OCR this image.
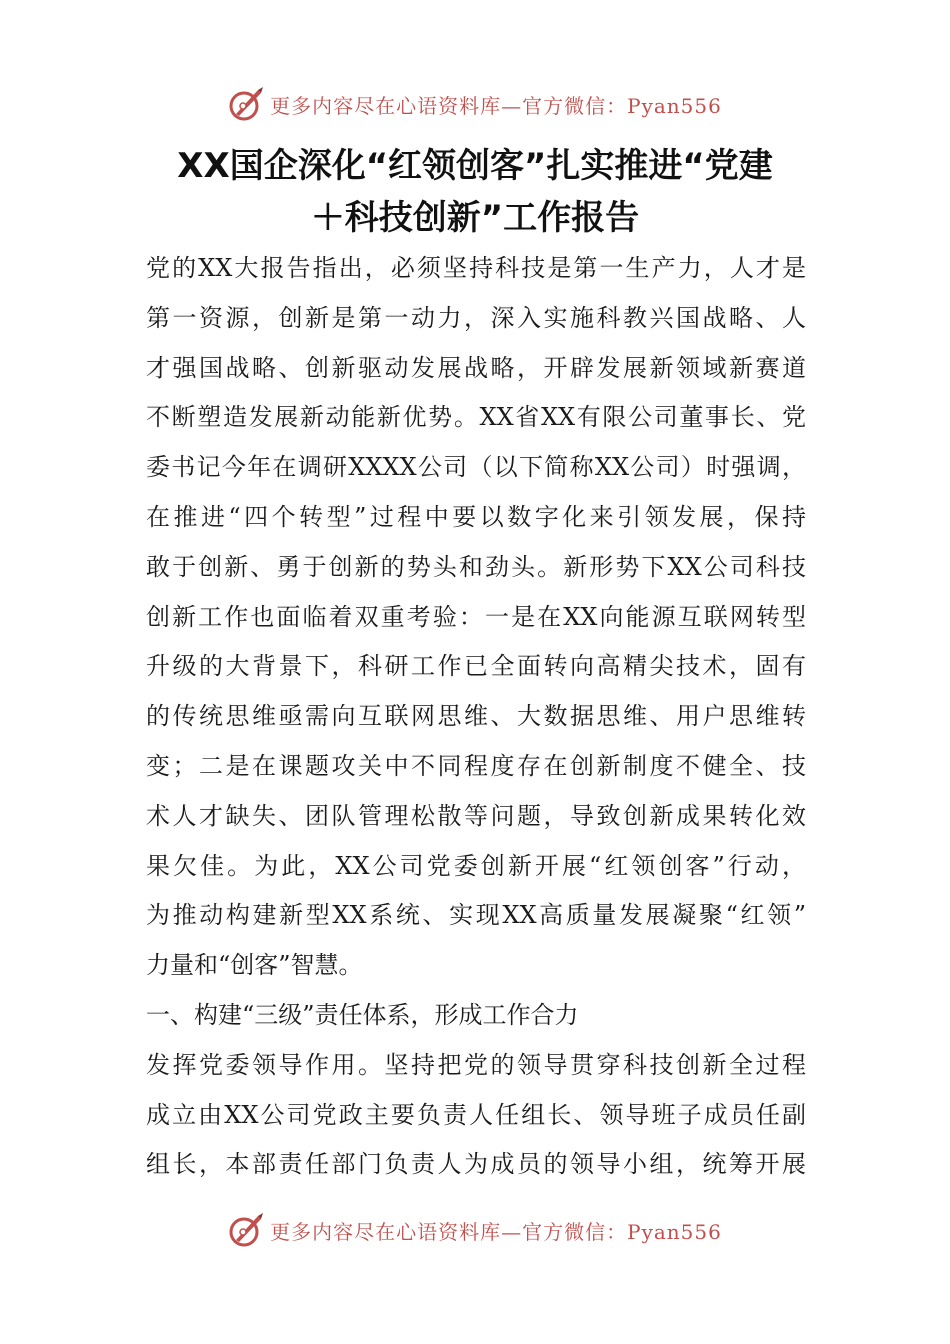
更多内容尽在心语资料库—官方微信：Pyan556
XX国企深化“红领创客”扎实推进“党建
＋科技创新”工作报告
党的XX大报告指出，必须坚持科技是第一生产力，人才是
第一资源，创新是第一动力，深入实施科教兴国战略、人
才强国战略、创新驱动发展战略，开辟发展新领域新赛道
不断塑造发展新动能新优势。XX省XX有限公司董事长、党
委书记今年在调研XXXX公司（以下简称XX公司）时强调，
在推进“四个转型”过程中要以数字化来引领发展，保持
敢于创新、勇于创新的势头和劲头。新形势下XX公司科技
创新工作也面临着双重考验：一是在XX向能源互联网转型
升级的大背景下，科研工作已全面转向高精尖技术，固有
的传统思维亟需向互联网思维、大数据思维、用户思维转
变；二是在课题攻关中不同程度存在创新制度不健全、技
术人才缺失、团队管理松散等问题，导致创新成果转化效
果欠佳。为此，XX公司党委创新开展“红领创客”行动，
为推动构建新型XX系统、实现XX高质量发展凝聚“红领”
力量和“创客”智慧。
一、构建“三级”责任体系，形成工作合力
发挥党委领导作用。坚持把党的领导贯穿科技创新全过程
成立由XX公司党政主要负责人任组长、领导班子成员任副
组长，本部责任部门负责人为成员的领导小组，统筹开展
更多内容尽在心语资料库—官方微信：Pyan556
